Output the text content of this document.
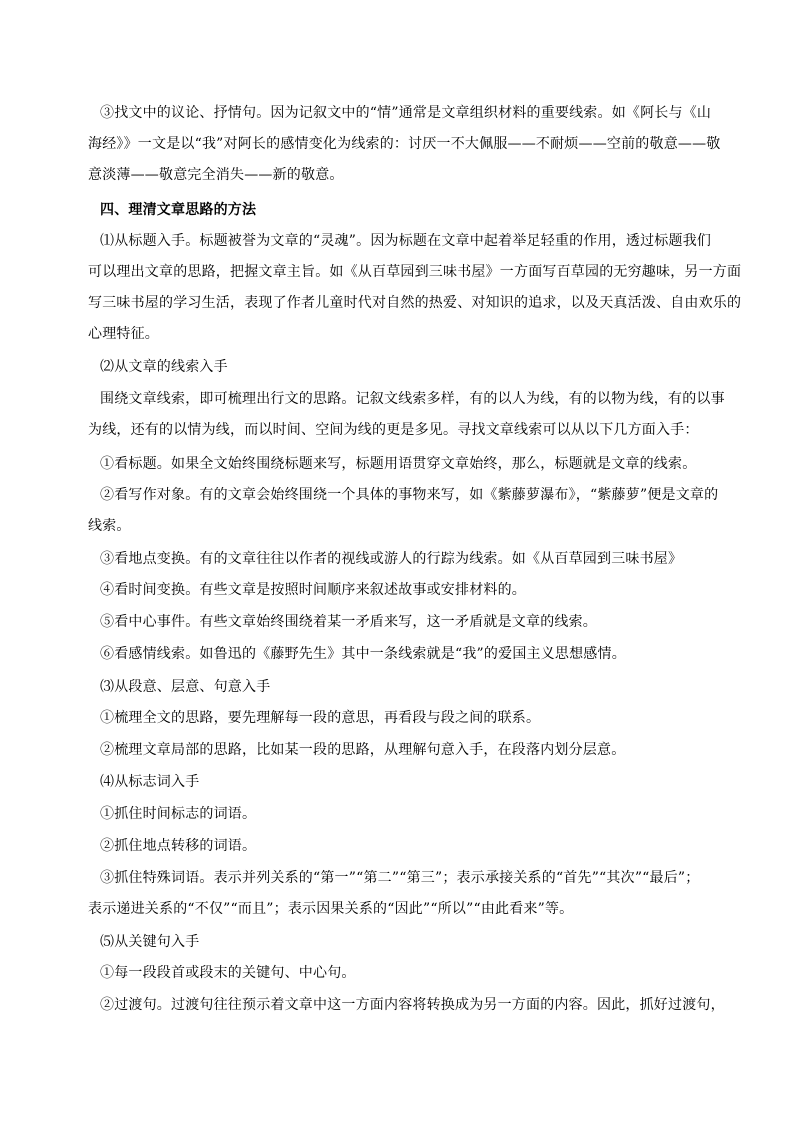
③找文中的议论、抒情句。因为记叙文中的“情”通常是文章组织材料的重要线索。如《阿长与《山
海经》》一文是以“我”对阿长的感情变化为线索的：讨厌一不大佩服——不耐烦——空前的敬意——敬
意淡薄——敬意完全消失——新的敬意。
四、理清文章思路的方法
⑴从标题入手。标题被誉为文章的“灵魂”。因为标题在文章中起着举足轻重的作用，透过标题我们
可以理出文章的思路，把握文章主旨。如《从百草园到三味书屋》一方面写百草园的无穷趣味，另一方面
写三味书屋的学习生活，表现了作者儿童时代对自然的热爱、对知识的追求，以及天真活泼、自由欢乐的
心理特征。
⑵从文章的线索入手
围绕文章线索，即可梳理出行文的思路。记叙文线索多样，有的以人为线，有的以物为线，有的以事
为线，还有的以情为线，而以时间、空间为线的更是多见。寻找文章线索可以从以下几方面入手：
①看标题。如果全文始终围绕标题来写，标题用语贯穿文章始终，那么，标题就是文章的线索。
②看写作对象。有的文章会始终围绕一个具体的事物来写，如《紫藤萝瀑布》，“紫藤萝”便是文章的
线索。
③看地点变换。有的文章往往以作者的视线或游人的行踪为线索。如《从百草园到三味书屋》
④看时间变换。有些文章是按照时间顺序来叙述故事或安排材料的。
⑤看中心事件。有些文章始终围绕着某一矛盾来写，这一矛盾就是文章的线索。
⑥看感情线索。如鲁迅的《藤野先生》其中一条线索就是“我”的爱国主义思想感情。
⑶从段意、层意、句意入手
①梳理全文的思路，要先理解每一段的意思，再看段与段之间的联系。
②梳理文章局部的思路，比如某一段的思路，从理解句意入手，在段落内划分层意。
⑷从标志词入手
①抓住时间标志的词语。
②抓住地点转移的词语。
③抓住特殊词语。表示并列关系的“第一”“第二”“第三”；表示承接关系的“首先”“其次”“最后”；
表示递进关系的“不仅”“而且”；表示因果关系的“因此”“所以”“由此看来”等。
⑸从关键句入手
①每一段段首或段末的关键句、中心句。
②过渡句。过渡句往往预示着文章中这一方面内容将转换成为另一方面的内容。因此，抓好过渡句，
